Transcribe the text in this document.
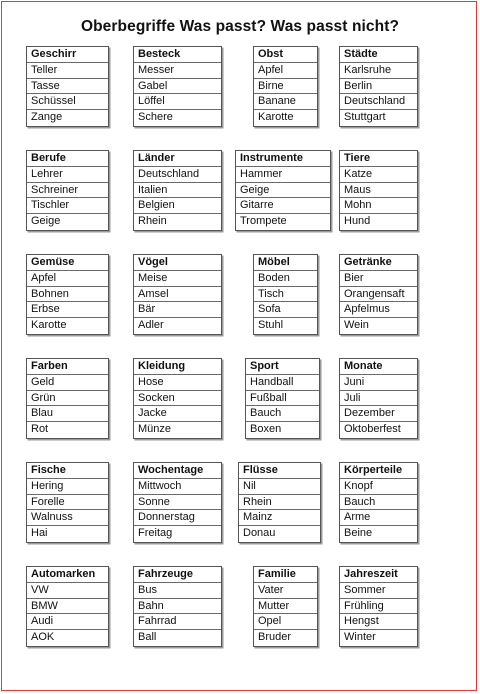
Oberbegriffe Was passt? Was passt nicht?
Geschirr
Teller
Tasse
Schüssel
Zange
Besteck
Messer
Gabel
Löffel
Schere
Obst
Apfel
Birne
Banane
Karotte
Städte
Karlsruhe
Berlin
Deutschland
Stuttgart
Berufe
Lehrer
Schreiner
Tischler
Geige
Länder
Deutschland
Italien
Belgien
Rhein
Instrumente
Hammer
Geige
Gitarre
Trompete
Tiere
Katze
Maus
Mohn
Hund
Gemüse
Apfel
Bohnen
Erbse
Karotte
Vögel
Meise
Amsel
Bär
Adler
Möbel
Boden
Tisch
Sofa
Stuhl
Getränke
Bier
Orangensaft
Apfelmus
Wein
Farben
Geld
Grün
Blau
Rot
Kleidung
Hose
Socken
Jacke
Münze
Sport
Handball
Fußball
Bauch
Boxen
Monate
Juni
Juli
Dezember
Oktoberfest
Fische
Hering
Forelle
Walnuss
Hai
Wochentage
Mittwoch
Sonne
Donnerstag
Freitag
Flüsse
Nil
Rhein
Mainz
Donau
Körperteile
Knopf
Bauch
Arme
Beine
Automarken
VW
BMW
Audi
AOK
Fahrzeuge
Bus
Bahn
Fahrrad
Ball
Familie
Vater
Mutter
Opel
Bruder
Jahreszeit
Sommer
Frühling
Hengst
Winter
